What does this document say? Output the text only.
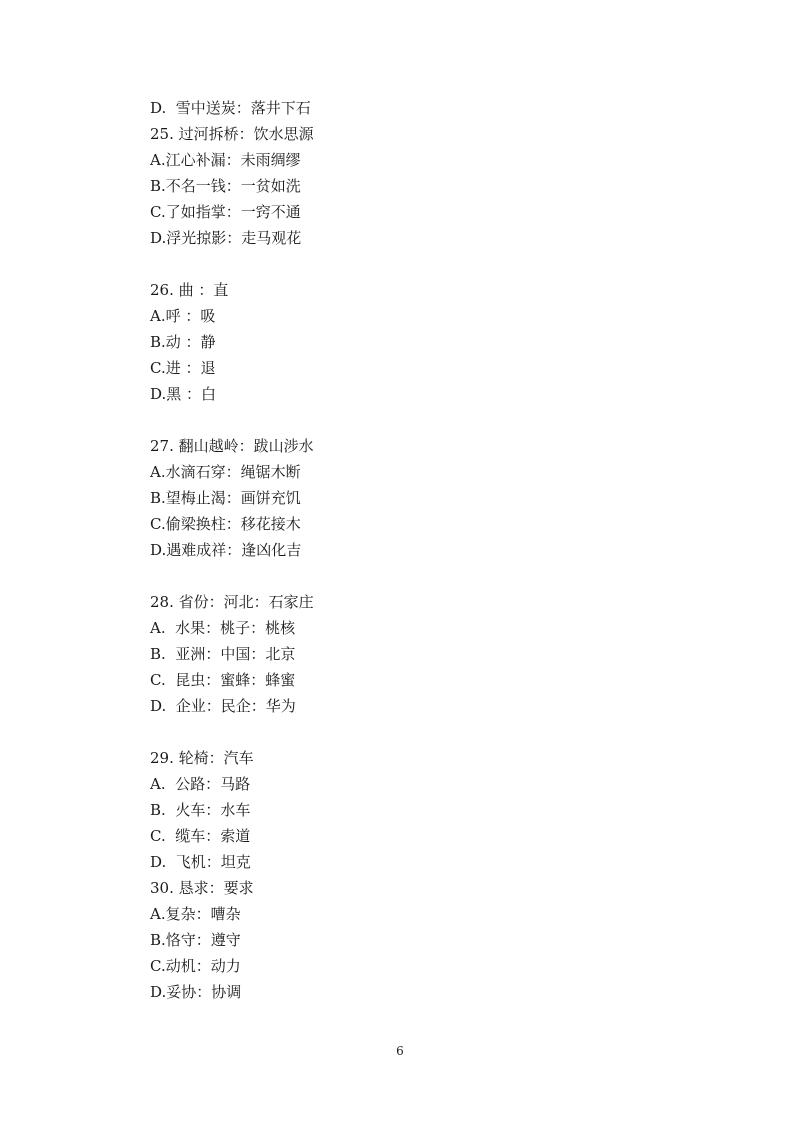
D.  雪中送炭：落井下石
25. 过河拆桥：饮水思源
A.江心补漏：未雨绸缪
B.不名一钱：一贫如洗
C.了如指掌：一窍不通
D.浮光掠影：走马观花
26. 曲 ：直
A.呼 ：吸
B.动 ：静
C.进 ：退
D.黑 ：白
27. 翻山越岭：跋山涉水
A.水滴石穿：绳锯木断
B.望梅止渴：画饼充饥
C.偷梁换柱：移花接木
D.遇难成祥：逢凶化吉
28. 省份：河北：石家庄
A.  水果：桃子：桃核
B.  亚洲：中国：北京
C.  昆虫：蜜蜂：蜂蜜
D.  企业：民企：华为
29. 轮椅：汽车
A.  公路：马路
B.  火车：水车
C.  缆车：索道
D.  飞机：坦克
30. 恳求：要求
A.复杂：嘈杂
B.恪守：遵守
C.动机：动力
D.妥协：协调
6
